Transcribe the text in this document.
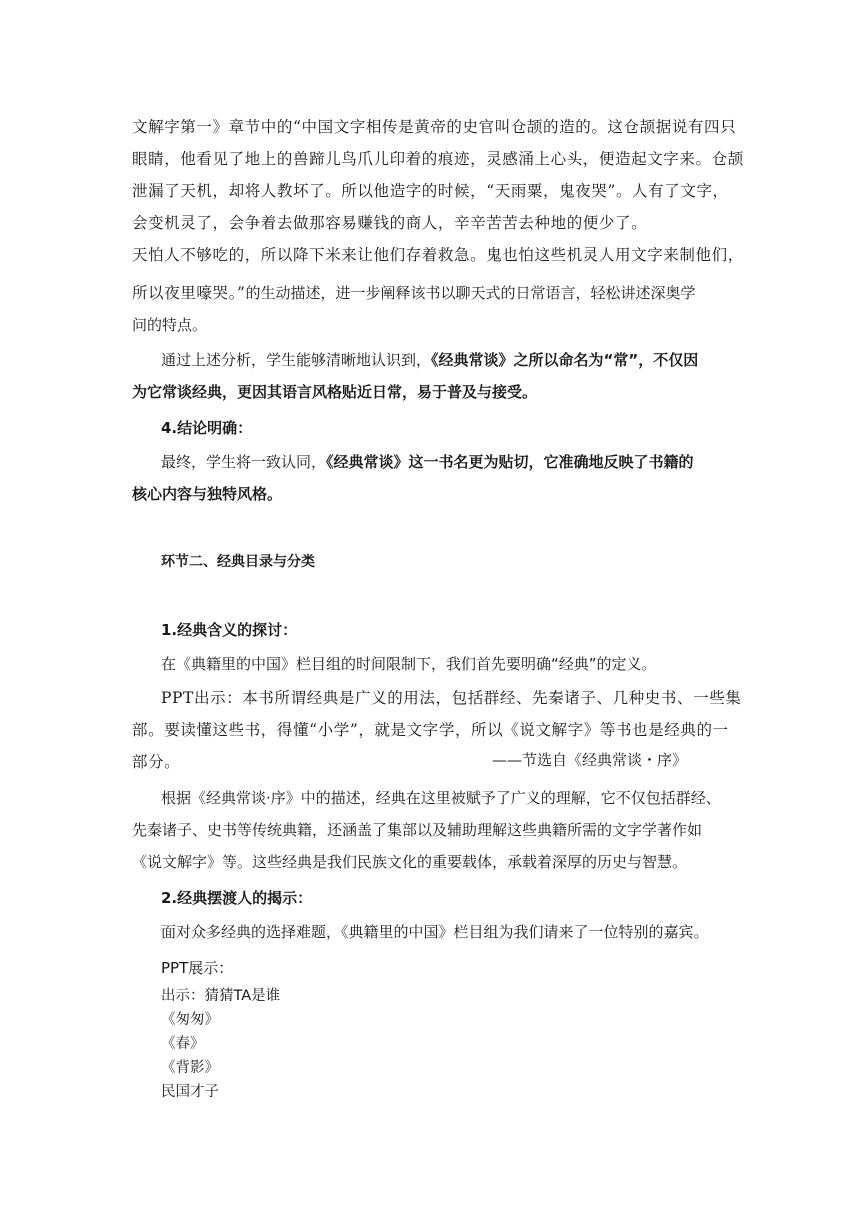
文解字第一》章节中的“中国文字相传是黄帝的史官叫仓颉的造的。这仓颉据说有四只
眼睛，他看见了地上的兽蹄儿鸟爪儿印着的痕迹，灵感涌上心头，便造起文字来。仓颉
泄漏了天机，却将人教坏了。所以他造字的时候，“天雨粟，鬼夜哭”。人有了文字，
会变机灵了，会争着去做那容易赚钱的商人，辛辛苦苦去种地的便少了。
天怕人不够吃的，所以降下米来让他们存着救急。鬼也怕这些机灵人用文字来制他们，
所以夜里嚎哭。”的生动描述，进一步阐释该书以聊天式的日常语言，轻松讲述深奥学
问的特点。
通过上述分析，学生能够清晰地认识到，《经典常谈》之所以命名为“常”，不仅因
为它常谈经典，更因其语言风格贴近日常，易于普及与接受。
4.结论明确：
最终，学生将一致认同，《经典常谈》这一书名更为贴切，它准确地反映了书籍的
核心内容与独特风格。
环节二、经典目录与分类
1.经典含义的探讨：
在《典籍里的中国》栏目组的时间限制下，我们首先要明确“经典”的定义。
PPT出示：本书所谓经典是广义的用法，包括群经、先秦诸子、几种史书、一些集
部。要读懂这些书，得懂“小学”，就是文字学，所以《说文解字》等书也是经典的一
部分。	——节选自《经典常谈・序》
根据《经典常谈·序》中的描述，经典在这里被赋予了广义的理解，它不仅包括群经、
先秦诸子、史书等传统典籍，还涵盖了集部以及辅助理解这些典籍所需的文字学著作如
《说文解字》等。这些经典是我们民族文化的重要载体，承载着深厚的历史与智慧。
2.经典摆渡人的揭示：
面对众多经典的选择难题，《典籍里的中国》栏目组为我们请来了一位特别的嘉宾。
PPT展示：
出示：猜猜TA是谁
《匆匆》
《春》
《背影》
民国才子
